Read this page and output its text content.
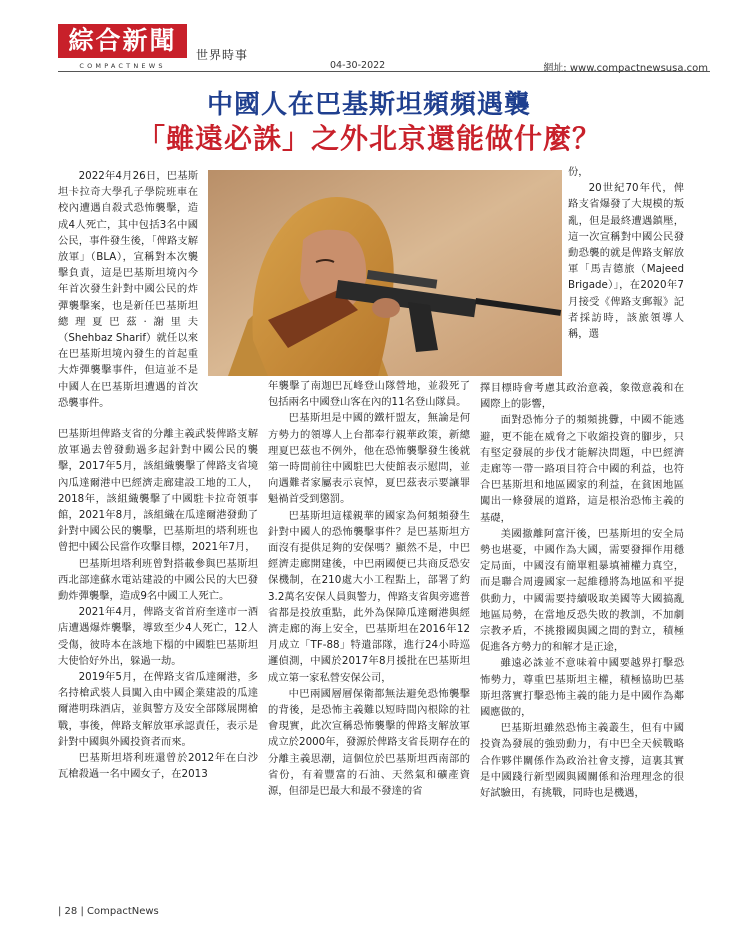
綜合新聞
COMPACTNEWS
世界時事
04-30-2022	網址: www.compactnewsusa.com
中國人在巴基斯坦頻頻遇襲
「雖遠必誅」之外北京還能做什麼？

2022年4月26日，巴基斯坦卡拉奇大學孔子學院班車在校內遭遇自殺式恐怖襲擊，造成4人死亡，其中包括3名中國公民，事件發生後，「俾路支解放軍」（BLA），宣稱對本次襲擊負責，這是巴基斯坦境內今年首次發生針對中國公民的炸彈襲擊案，也是新任巴基斯坦總理夏巴茲·謝里夫（Shehbaz Sharif）就任以來在巴基斯坦境內發生的首起重大炸彈襲擊事件，但這並不是中國人在巴基斯坦遭遇的首次恐襲事件。

巴基斯坦俾路支省的分離主義武裝俾路支解放軍過去曾發動過多起針對中國公民的襲擊，2017年5月，該組織襲擊了俾路支省境內瓜達爾港中巴經濟走廊建設工地的工人，2018年，該組織襲擊了中國駐卡拉奇領事館，2021年8月，該組織在瓜達爾港發動了針對中國公民的襲擊，巴基斯坦的塔利班也曾把中國公民當作攻擊目標，2021年7月，

巴基斯坦塔利班曾對搭載參與巴基斯坦西北部達蘇水電站建設的中國公民的大巴發動炸彈襲擊，造成9名中國工人死亡。

2021年4月，俾路支省首府奎達市一酒店遭遇爆炸襲擊，導致至少4人死亡，12人受傷，彼時本在該地下榻的中國駐巴基斯坦大使恰好外出，躲過一劫。

2019年5月，在俾路支省瓜達爾港，多名持槍武裝人員闖入由中國企業建設的瓜達爾港明珠酒店，並與警方及安全部隊展開槍戰，事後，俾路支解放軍承認責任，表示是針對中國與外國投資者而來。

巴基斯坦塔利班還曾於2012年在白沙瓦槍殺過一名中國女子，在2013

年襲擊了南迦巴瓦峰登山隊營地，並殺死了包括兩名中國登山客在內的11名登山隊員。

巴基斯坦是中國的鐵杆盟友，無論是何方勢力的領導人上台都奉行親華政策，新總理夏巴茲也不例外，他在恐怖襲擊發生後就第一時間前往中國駐巴大使館表示慰問，並向遇難者家屬表示哀悼，夏巴茲表示要讓罪魁禍首受到懲罰。

巴基斯坦這樣親華的國家為何頻頻發生針對中國人的恐怖襲擊事件？是巴基斯坦方面沒有提供足夠的安保嗎？顯然不是，中巴經濟走廊開建後，中巴兩國便已共商反恐安保機制，在210處大小工程點上，部署了約3.2萬名安保人員與警力，俾路支省與旁遮普省都是投放重點，此外為保障瓜達爾港與經濟走廊的海上安全，巴基斯坦在2016年12月成立「TF-88」特遣部隊，進行24小時巡邏偵測，中國於2017年8月援批在巴基斯坦成立第一家私營安保公司，

中巴兩國層層保衛都無法避免恐怖襲擊的背後，是恐怖主義難以短時間內根除的社會現實，此次宣稱恐怖襲擊的俾路支解放軍成立於2000年，發源於俾路支省長期存在的分離主義思潮，這個位於巴基斯坦西南部的省份，有着豐富的石油、天然氣和礦產資源，但卻是巴最大和最不發達的省

份，

20世紀70年代，俾路支省爆發了大規模的叛亂，但是最終遭遇鎮壓，這一次宣稱對中國公民發動恐襲的就是俾路支解放軍「馬吉德旅（Majeed Brigade）」，在2020年7月接受《俾路支郵報》記者採訪時，該旅領導人稱，選

擇目標時會考慮其政治意義，象徵意義和在國際上的影響，

面對恐怖分子的頻頻挑釁，中國不能逃避，更不能在威脅之下收縮投資的腳步，只有堅定發展的步伐才能解決問題，中巴經濟走廊等一帶一路項目符合中國的利益，也符合巴基斯坦和地區國家的利益，在貧困地區闖出一條發展的道路，這是根治恐怖主義的基礎，

美國撤離阿富汗後，巴基斯坦的安全局勢也堪憂，中國作為大國，需要發揮作用穩定局面，中國沒有簡單粗暴填補權力真空，而是聯合周邊國家一起維穩將為地區和平提供動力，中國需要持續吸取美國等大國搞亂地區局勢，在當地反恐失敗的教訓，不加劇宗教矛盾，不挑撥國與國之間的對立，積極促進各方勢力的和解才是正途，

雖遠必誅並不意味着中國要越界打擊恐怖勢力，尊重巴基斯坦主權，積極協助巴基斯坦落實打擊恐怖主義的能力是中國作為鄰國應做的，

巴基斯坦雖然恐怖主義叢生，但有中國投資為發展的強勁動力，有中巴全天候戰略合作夥伴關係作為政治社會支撐，這裏其實是中國踐行新型國與國關係和治理理念的很好試驗田，有挑戰，同時也是機遇，

| 28 | CompactNews
